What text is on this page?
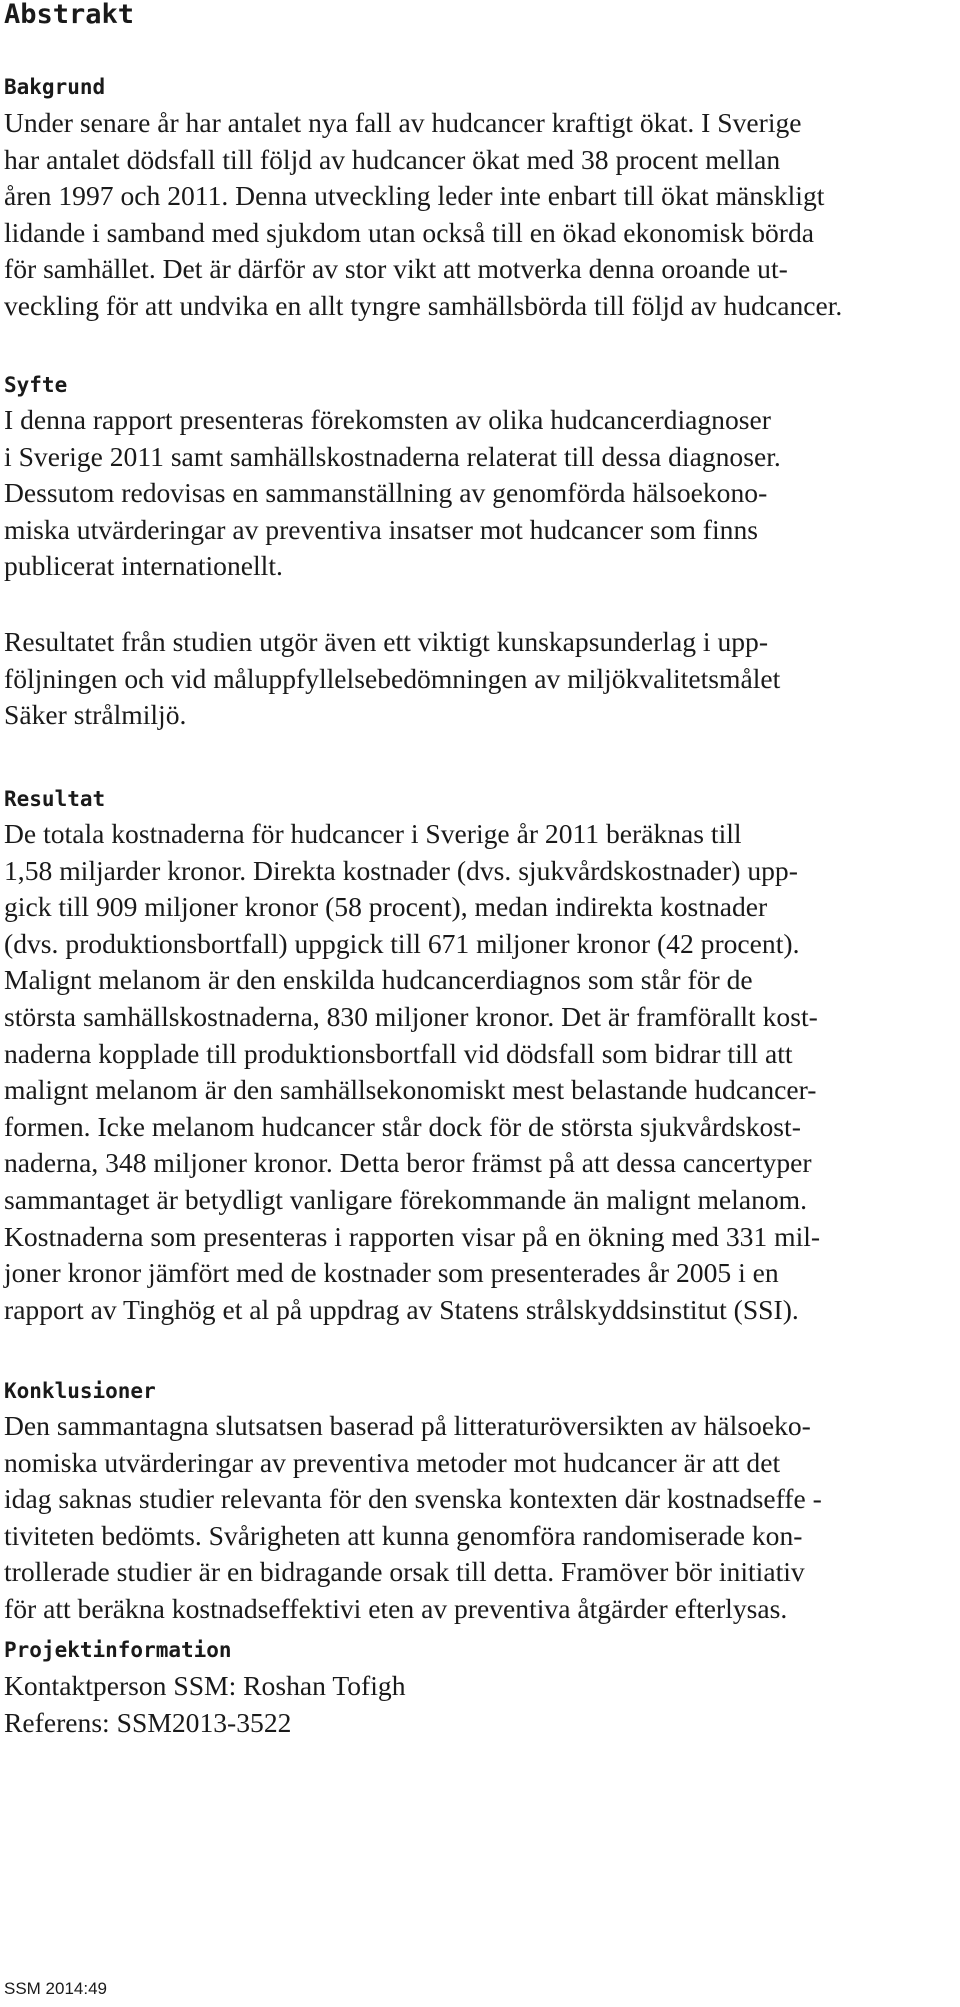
Abstrakt
Bakgrund
Under senare år har antalet nya fall av hudcancer kraftigt ökat. I Sverige
har antalet dödsfall till följd av hudcancer ökat med 38 procent mellan
åren 1997 och 2011. Denna utveckling leder inte enbart till ökat mänskligt
lidande i samband med sjukdom utan också till en ökad ekonomisk börda
för samhället. Det är därför av stor vikt att motverka denna oroande ut-
veckling för att undvika en allt tyngre samhällsbörda till följd av hudcancer.
Syfte
I denna rapport presenteras förekomsten av olika hudcancerdiagnoser
i Sverige 2011 samt samhällskostnaderna relaterat till dessa diagnoser.
Dessutom redovisas en sammanställning av genomförda hälsoekono-
miska utvärderingar av preventiva insatser mot hudcancer som finns
publicerat internationellt.
Resultatet från studien utgör även ett viktigt kunskapsunderlag i upp-
följningen och vid måluppfyllelsebedömningen av miljökvalitetsmålet
Säker strålmiljö.
Resultat
De totala kostnaderna för hudcancer i Sverige år 2011 beräknas till
1,58 miljarder kronor. Direkta kostnader (dvs. sjukvårdskostnader) upp-
gick till 909 miljoner kronor (58 procent), medan indirekta kostnader
(dvs. produktionsbortfall) uppgick till 671 miljoner kronor (42 procent).
Malignt melanom är den enskilda hudcancerdiagnos som står för de
största samhällskostnaderna, 830 miljoner kronor. Det är framförallt kost-
naderna kopplade till produktionsbortfall vid dödsfall som bidrar till att
malignt melanom är den samhällsekonomiskt mest belastande hudcancer-
formen. Icke melanom hudcancer står dock för de största sjukvårdskost-
naderna, 348 miljoner kronor. Detta beror främst på att dessa cancertyper
sammantaget är betydligt vanligare förekommande än malignt melanom.
Kostnaderna som presenteras i rapporten visar på en ökning med 331 mil-
joner kronor jämfört med de kostnader som presenterades år 2005 i en
rapport av Tinghög et al på uppdrag av Statens strålskyddsinstitut (SSI).
Konklusioner
Den sammantagna slutsatsen baserad på litteraturöversikten av hälsoeko-
nomiska utvärderingar av preventiva metoder mot hudcancer är att det
idag saknas studier relevanta för den svenska kontexten där kostnadseffe -
tiviteten bedömts. Svårigheten att kunna genomföra randomiserade kon-
trollerade studier är en bidragande orsak till detta. Framöver bör initiativ
för att beräkna kostnadseffektivi eten av preventiva åtgärder efterlysas.
Projektinformation
Kontaktperson SSM: Roshan Tofigh
Referens: SSM2013-3522
SSM 2014:49
